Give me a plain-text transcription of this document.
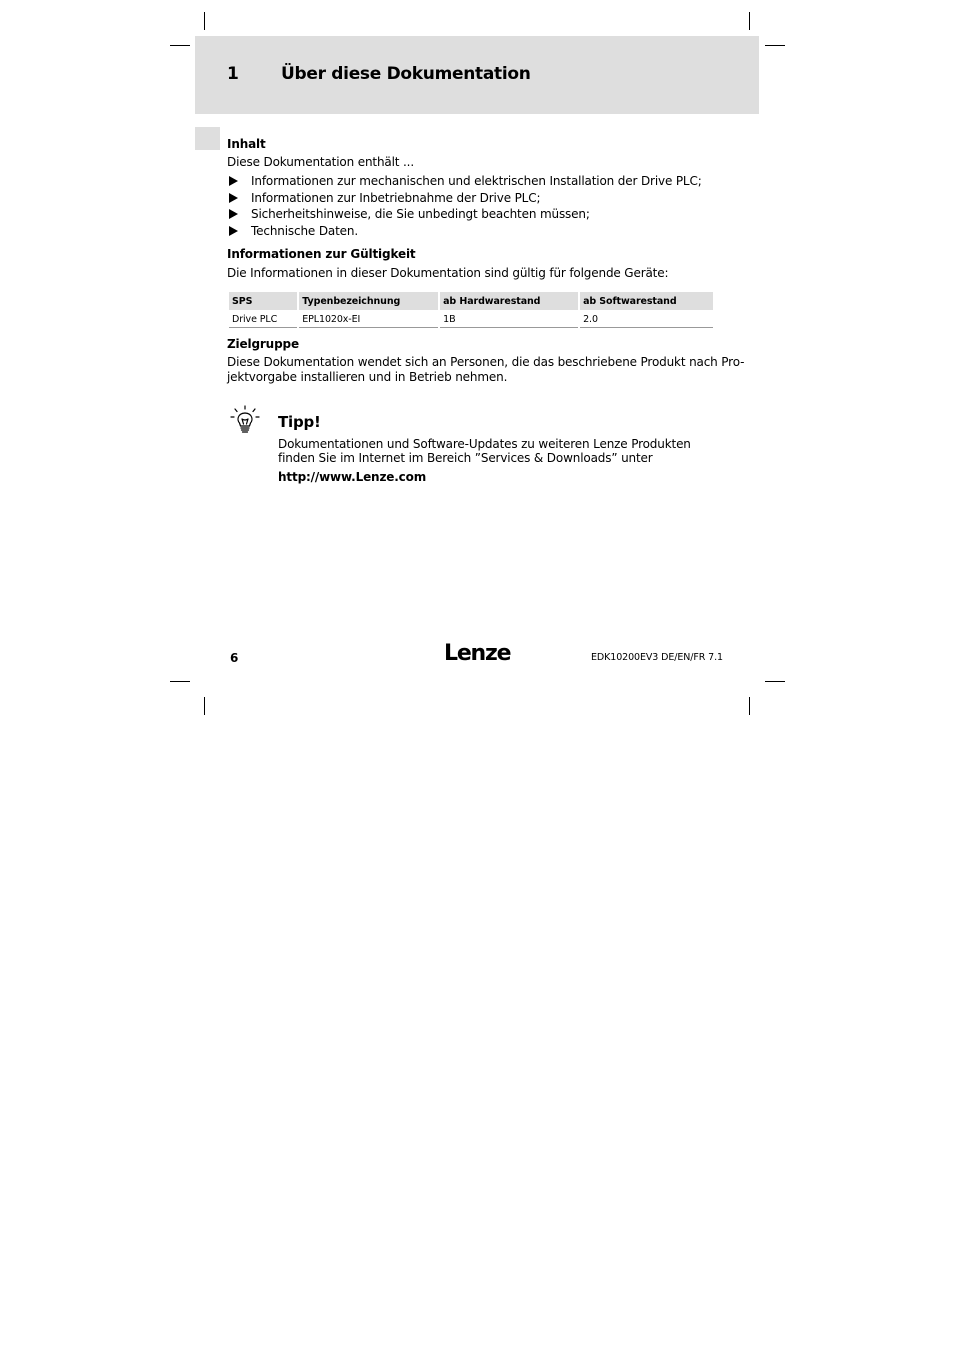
1 Über diese Dokumentation
Inhalt
Diese Dokumentation enthält ...
Informationen zur mechanischen und elektrischen Installation der Drive PLC;
Informationen zur Inbetriebnahme der Drive PLC;
Sicherheitshinweise, die Sie unbedingt beachten müssen;
Technische Daten.
Informationen zur Gültigkeit
Die Informationen in dieser Dokumentation sind gültig für folgende Geräte:
SPS	Typenbezeichnung	ab Hardwarestand	ab Softwarestand
Drive PLC	EPL1020x-EI	1B	2.0
Zielgruppe
Diese Dokumentation wendet sich an Personen, die das beschriebene Produkt nach Pro-
jektvorgabe installieren und in Betrieb nehmen.
Tipp!
Dokumentationen und Software-Updates zu weiteren Lenze Produkten
finden Sie im Internet im Bereich ”Services & Downloads” unter
http://www.Lenze.com
6	Lenze	EDK10200EV3 DE/EN/FR 7.1
